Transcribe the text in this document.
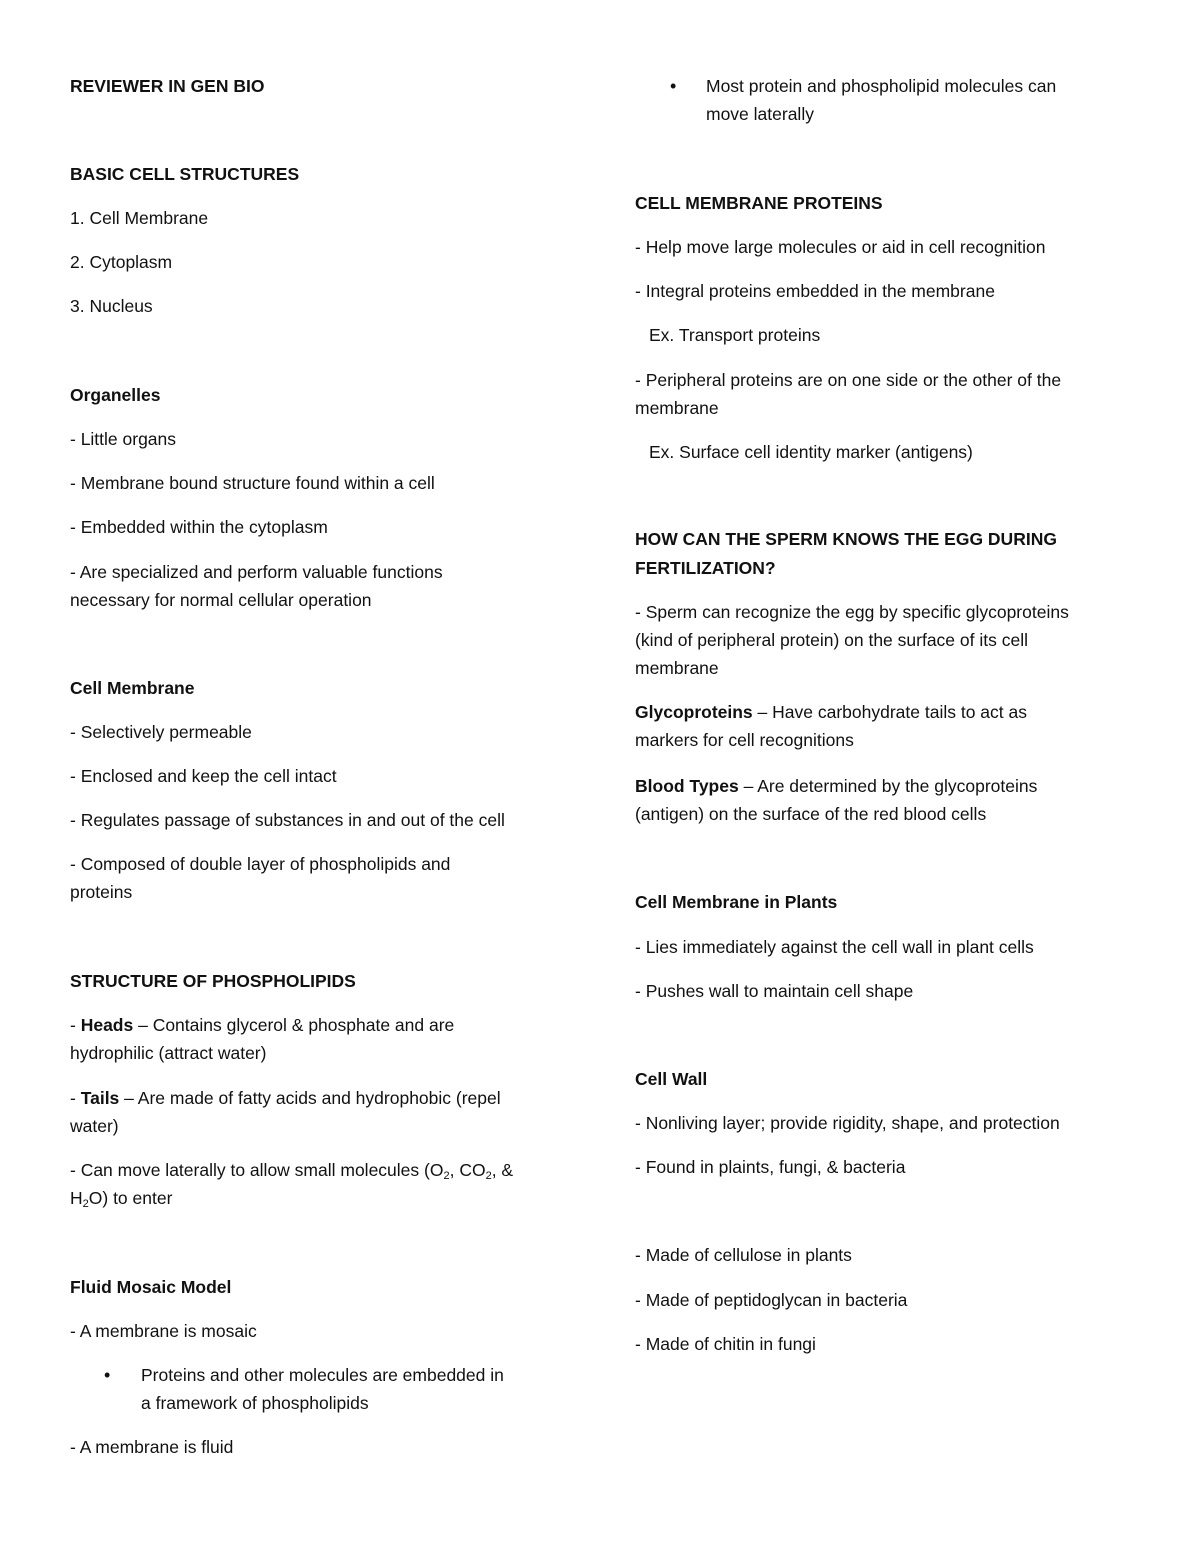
REVIEWER IN GEN BIO
BASIC CELL STRUCTURES
1. Cell Membrane
2. Cytoplasm
3. Nucleus
Organelles
- Little organs
- Membrane bound structure found within a cell
- Embedded within the cytoplasm
- Are specialized and perform valuable functions
necessary for normal cellular operation
Cell Membrane
- Selectively permeable
- Enclosed and keep the cell intact
- Regulates passage of substances in and out of the cell
- Composed of double layer of phospholipids and
proteins
STRUCTURE OF PHOSPHOLIPIDS
- Heads – Contains glycerol & phosphate and are
hydrophilic (attract water)
- Tails – Are made of fatty acids and hydrophobic (repel
water)
- Can move laterally to allow small molecules ($O_2$, $CO_2$, &
$H_2O$) to enter
Fluid Mosaic Model
- A membrane is mosaic
• Proteins and other molecules are embedded in
a framework of phospholipids
- A membrane is fluid
• Most protein and phospholipid molecules can
move laterally
CELL MEMBRANE PROTEINS
- Help move large molecules or aid in cell recognition
- Integral proteins embedded in the membrane
Ex. Transport proteins
- Peripheral proteins are on one side or the other of the
membrane
Ex. Surface cell identity marker (antigens)
HOW CAN THE SPERM KNOWS THE EGG DURING
FERTILIZATION?
- Sperm can recognize the egg by specific glycoproteins
(kind of peripheral protein) on the surface of its cell
membrane
Glycoproteins – Have carbohydrate tails to act as
markers for cell recognitions
Blood Types – Are determined by the glycoproteins
(antigen) on the surface of the red blood cells
Cell Membrane in Plants
- Lies immediately against the cell wall in plant cells
- Pushes wall to maintain cell shape
Cell Wall
- Nonliving layer; provide rigidity, shape, and protection
- Found in plaints, fungi, & bacteria
- Made of cellulose in plants
- Made of peptidoglycan in bacteria
- Made of chitin in fungi
